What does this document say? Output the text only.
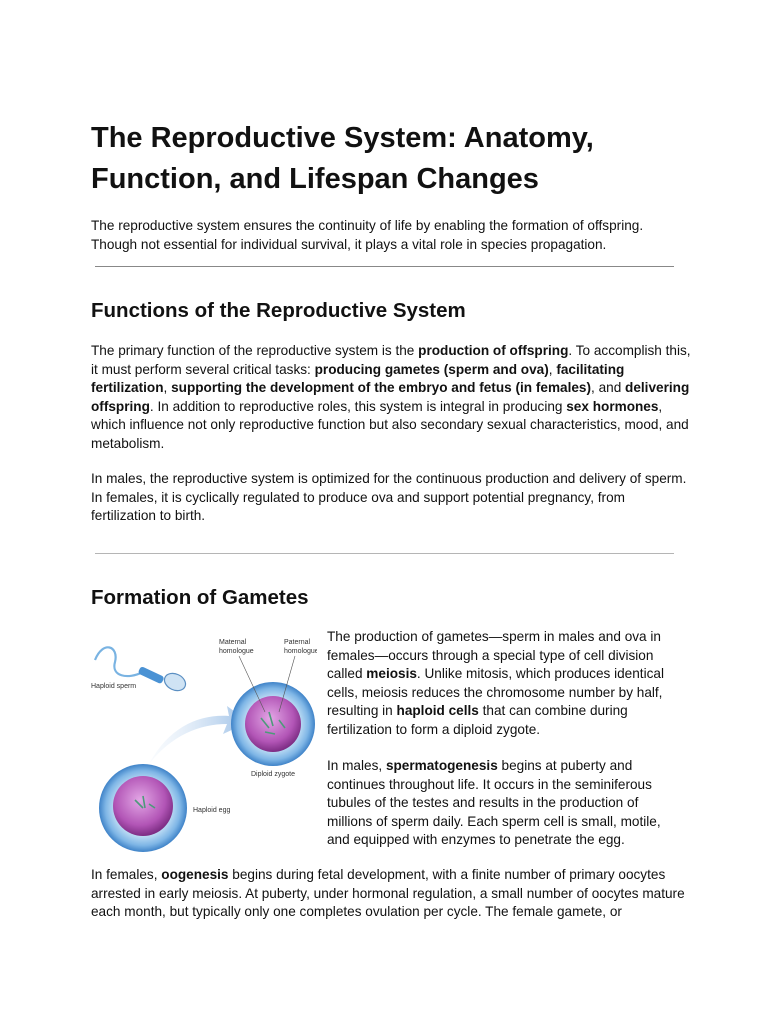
The Reproductive System: Anatomy, Function, and Lifespan Changes

The reproductive system ensures the continuity of life by enabling the formation of offspring. Though not essential for individual survival, it plays a vital role in species propagation.

Functions of the Reproductive System

The primary function of the reproductive system is the production of offspring. To accomplish this, it must perform several critical tasks: producing gametes (sperm and ova), facilitating fertilization, supporting the development of the embryo and fetus (in females), and delivering offspring. In addition to reproductive roles, this system is integral in producing sex hormones, which influence not only reproductive function but also secondary sexual characteristics, mood, and metabolism.

In males, the reproductive system is optimized for the continuous production and delivery of sperm. In females, it is cyclically regulated to produce ova and support potential pregnancy, from fertilization to birth.

Formation of Gametes
Haploid sperm
Maternal
homologue
Paternal
homologue
Diploid zygote
Haploid egg

The production of gametes—sperm in males and ova in females—occurs through a special type of cell division called meiosis. Unlike mitosis, which produces identical cells, meiosis reduces the chromosome number by half, resulting in haploid cells that can combine during fertilization to form a diploid zygote.

In males, spermatogenesis begins at puberty and continues throughout life. It occurs in the seminiferous tubules of the testes and results in the production of millions of sperm daily. Each sperm cell is small, motile, and equipped with enzymes to penetrate the egg.

In females, oogenesis begins during fetal development, with a finite number of primary oocytes arrested in early meiosis. At puberty, under hormonal regulation, a small number of oocytes mature each month, but typically only one completes ovulation per cycle. The female gamete, or
